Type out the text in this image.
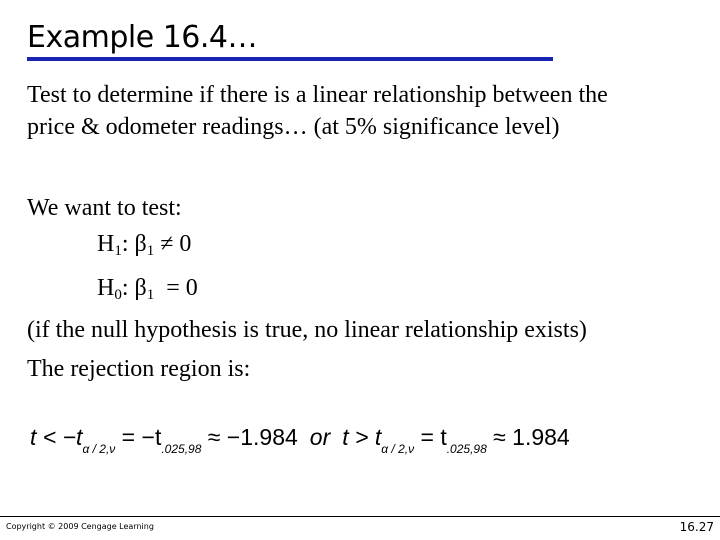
Example 16.4…
Test to determine if there is a linear relationship between the
price & odometer readings… (at 5% significance level)
We want to test:
$H_1$: $\beta_1 \ne 0$
$H_0$: $\beta_1 = 0$
(if the null hypothesis is true, no linear relationship exists)
The rejection region is:
t < −tα / 2,ν = −t.025,98 ≈ −1.984 or t > tα / 2,ν = t.025,98 ≈ 1.984
Copyright © 2009 Cengage Learning	16.27
